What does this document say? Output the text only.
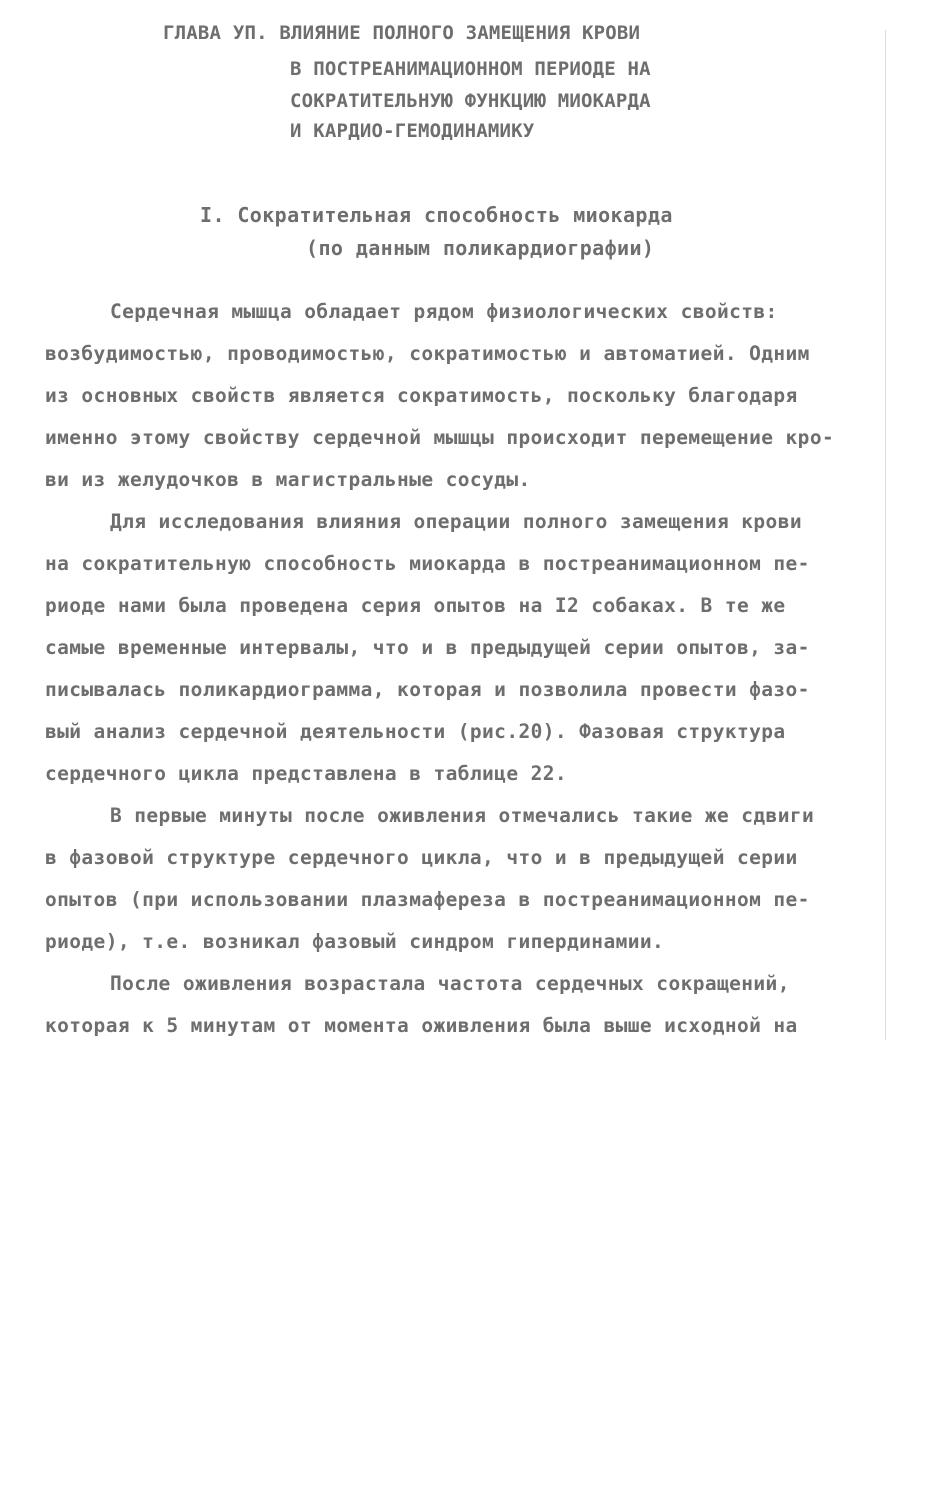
ГЛАВА УП. ВЛИЯНИЕ ПОЛНОГО ЗАМЕЩЕНИЯ КРОВИ
В ПОСТРЕАНИМАЦИОННОМ ПЕРИОДЕ НА
СОКРАТИТЕЛЬНУЮ ФУНКЦИЮ МИОКАРДА
И КАРДИО-ГЕМОДИНАМИКУ
I. Сократительная способность миокарда
(по данным поликардиографии)
Сердечная мышца обладает рядом физиологических свойств:
возбудимостью, проводимостью, сократимостью и автоматией. Одним
из основных свойств является сократимость, поскольку благодаря
именно этому свойству сердечной мышцы происходит перемещение кро-
ви из желудочков в магистральные сосуды.
Для исследования влияния операции полного замещения крови
на сократительную способность миокарда в постреанимационном пе-
риоде нами была проведена серия опытов на I2 собаках. В те же
самые временные интервалы, что и в предыдущей серии опытов, за-
писывалась поликардиограмма, которая и позволила провести фазо-
вый анализ сердечной деятельности (рис.20). Фазовая структура
сердечного цикла представлена в таблице 22.
В первые минуты после оживления отмечались такие же сдвиги
в фазовой структуре сердечного цикла, что и в предыдущей серии
опытов (при использовании плазмафереза в постреанимационном пе-
риоде), т.е. возникал фазовый синдром гипердинамии.
После оживления возрастала частота сердечных сокращений,
которая к 5 минутам от момента оживления была выше исходной на
